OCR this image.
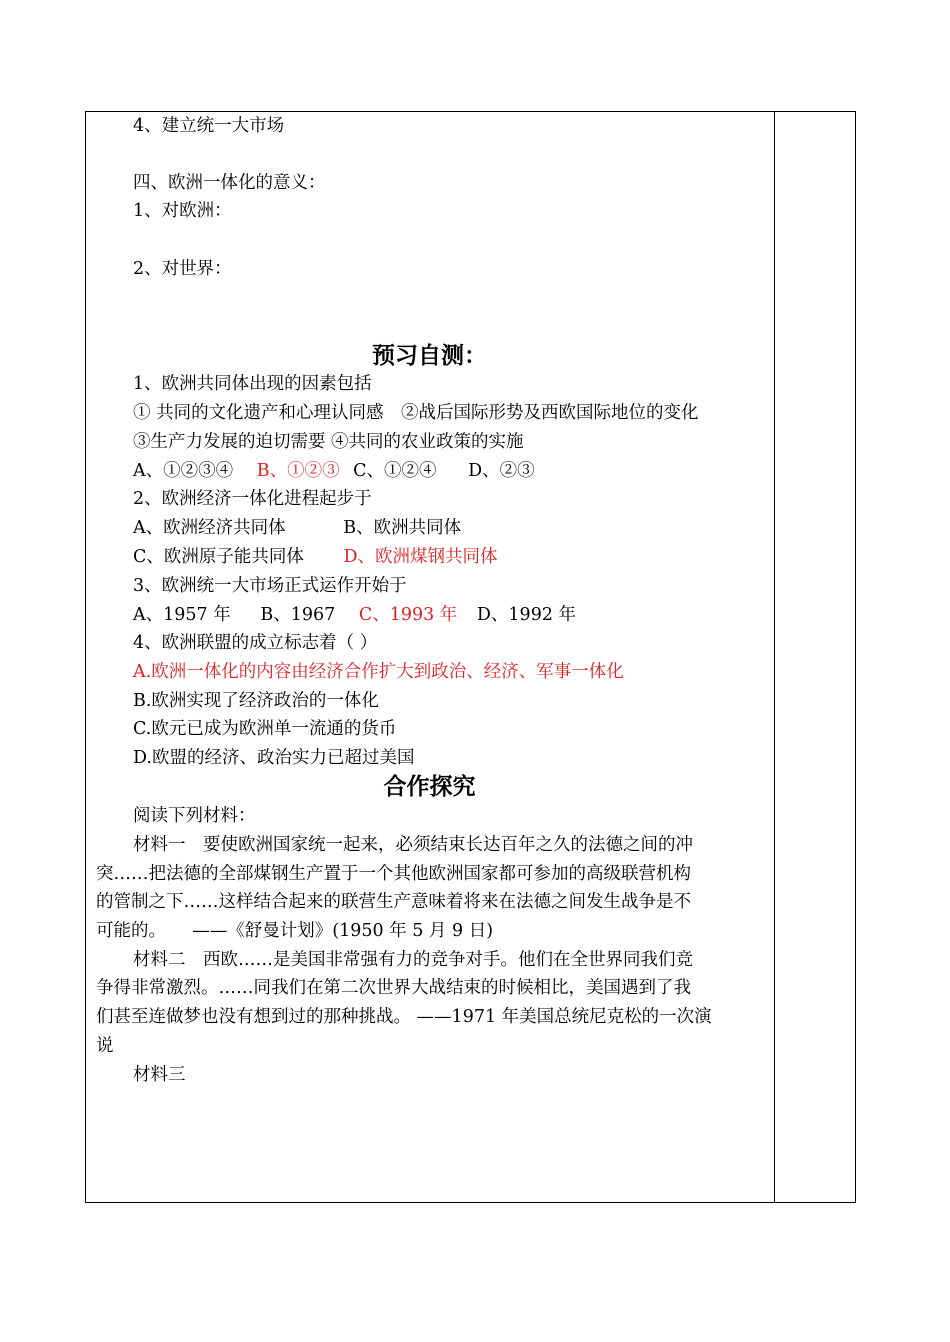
4、建立统一大市场
四、欧洲一体化的意义：
1、对欧洲：
2、对世界：
预习自测：
1、欧洲共同体出现的因素包括
① 共同的文化遗产和心理认同感　②战后国际形势及西欧国际地位的变化
③生产力发展的迫切需要 ④共同的农业政策的实施
A、①②③④ B、①②③ C、①②④ D、②③
2、欧洲经济一体化进程起步于
A、欧洲经济共同体	B、欧洲共同体
C、欧洲原子能共同体 D、欧洲煤钢共同体
3、欧洲统一大市场正式运作开始于
A、1957 年 B、1967 C、1993 年 D、1992 年
4、欧洲联盟的成立标志着（ ）
A.欧洲一体化的内容由经济合作扩大到政治、经济、军事一体化
B.欧洲实现了经济政治的一体化
C.欧元已成为欧洲单一流通的货币
D.欧盟的经济、政治实力已超过美国
合作探究
阅读下列材料：
材料一　要使欧洲国家统一起来，必须结束长达百年之久的法德之间的冲
突……把法德的全部煤钢生产置于一个其他欧洲国家都可参加的高级联营机构
的管制之下……这样结合起来的联营生产意味着将来在法德之间发生战争是不
可能的。　　——《舒曼计划》(1950 年 5 月 9 日)
材料二　西欧……是美国非常强有力的竞争对手。他们在全世界同我们竞
争得非常激烈。……同我们在第二次世界大战结束的时候相比，美国遇到了我
们甚至连做梦也没有想到过的那种挑战。 ——1971 年美国总统尼克松的一次演
说
材料三
